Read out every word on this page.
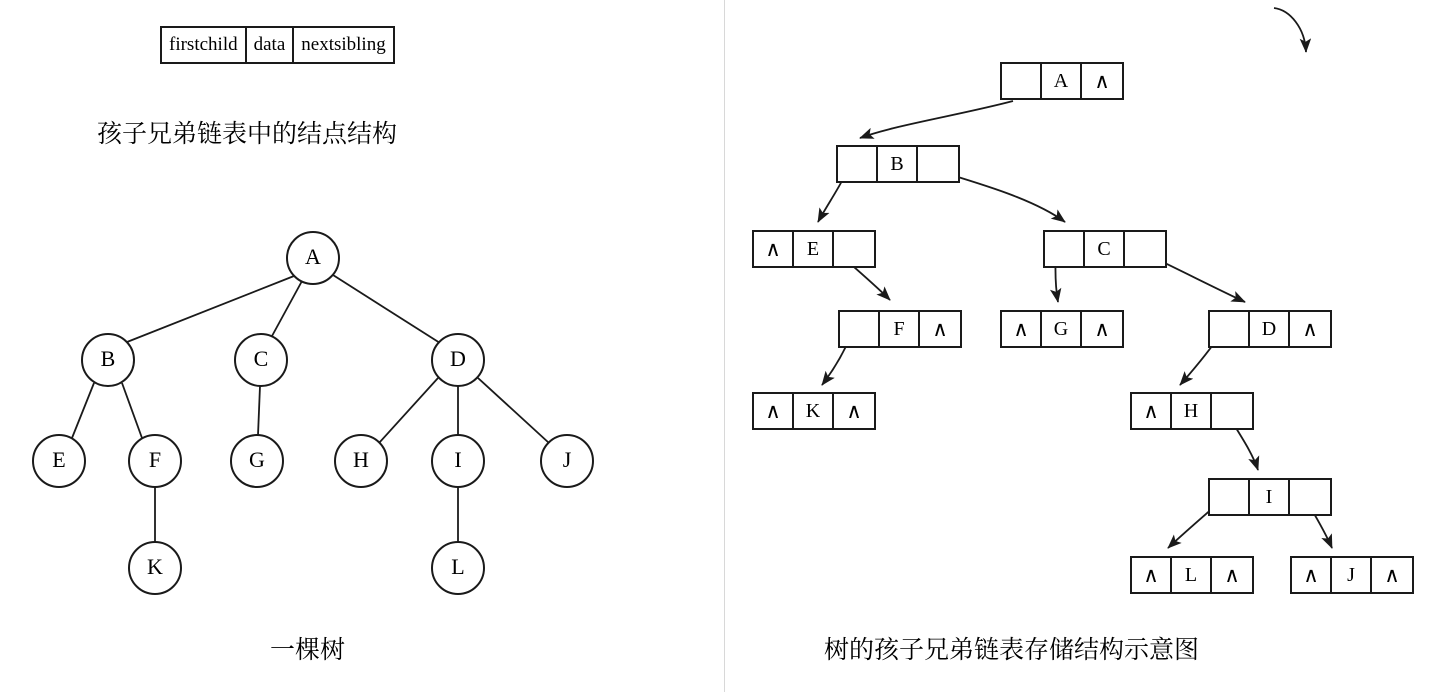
firstchild data nextsibling
孩子兄弟链表中的结点结构
一棵树	树的孩子兄弟链表存储结构示意图
A
B	C	D
E	F	G	H	I	J
K	L
A	∧
B
∧	E	C
F	∧	∧	G	∧	D	∧
∧	K	∧	∧	H
I
∧	L	∧	∧	J	∧
